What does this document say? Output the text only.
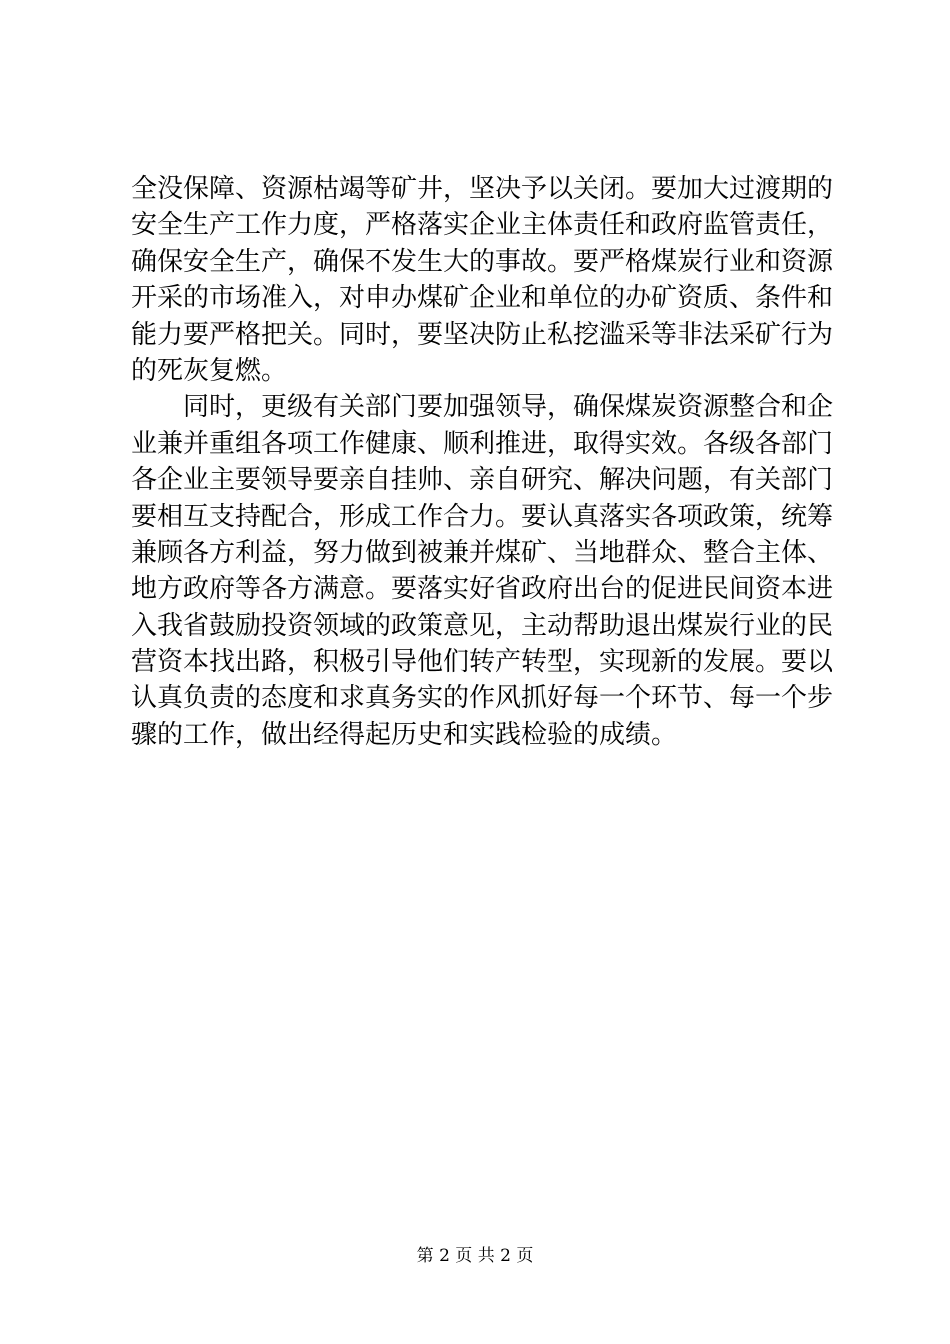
全没保障、资源枯竭等矿井，坚决予以关闭。要加大过渡期的
安全生产工作力度，严格落实企业主体责任和政府监管责任，
确保安全生产，确保不发生大的事故。要严格煤炭行业和资源
开采的市场准入，对申办煤矿企业和单位的办矿资质、条件和
能力要严格把关。同时，要坚决防止私挖滥采等非法采矿行为
的死灰复燃。
同时，更级有关部门要加强领导，确保煤炭资源整合和企
业兼并重组各项工作健康、顺利推进，取得实效。各级各部门
各企业主要领导要亲自挂帅、亲自研究、解决问题，有关部门
要相互支持配合，形成工作合力。要认真落实各项政策，统筹
兼顾各方利益，努力做到被兼并煤矿、当地群众、整合主体、
地方政府等各方满意。要落实好省政府出台的促进民间资本进
入我省鼓励投资领域的政策意见，主动帮助退出煤炭行业的民
营资本找出路，积极引导他们转产转型，实现新的发展。要以
认真负责的态度和求真务实的作风抓好每一个环节、每一个步
骤的工作，做出经得起历史和实践检验的成绩。
第 2 页 共 2 页
